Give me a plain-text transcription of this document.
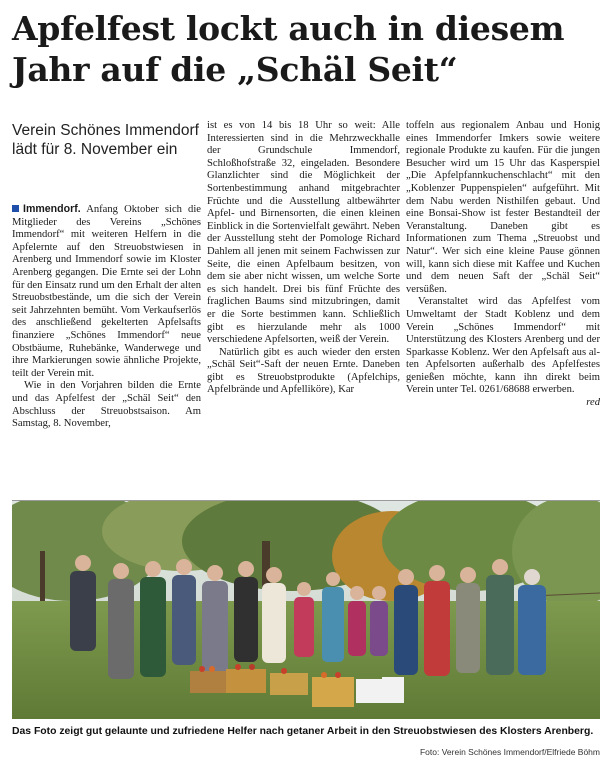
Apfelfest lockt auch in diesem
Jahr auf die „Schäl Seit“
Verein Schönes Immendorf lädt für 8. November ein

Immendorf. Anfang Oktober sich die Mitglieder des Vereins „Schönes Immendorf“ mit weiteren Helfern in die Apfelernte auf den Streuobstwiesen in Arenberg und Immendorf sowie im Kloster Arenberg gegangen. Die Ernte sei der Lohn für den Einsatz rund um den Erhalt der alten Streuobstbestände, um die sich der Verein seit Jahrzehnten bemüht. Vom Verkaufserlös des anschließend gekelterten Apfelsafts finanziere „Schönes Immendorf“ neue Obstbäume, Ruhebänke, Wanderwege und ihre Markierungen sowie ähnliche Projekte, teilt der Verein mit.

Wie in den Vorjahren bilden die Ernte und das Apfelfest der „Schäl Seit“ den Abschluss der Streuobstsaison. Am Samstag, 8. November,

ist es von 14 bis 18 Uhr so weit: Alle Interessierten sind in die Mehrzweckhalle der Grundschule Immendorf, Schloßhofstraße 32, eingeladen. Besondere Glanzlichter sind die Möglichkeit der Sortenbestimmung anhand mitgebrachter Früchte und die Ausstellung altbewährter Apfel- und Birnensorten, die einen kleinen Einblick in die Sortenvielfalt gewährt. Neben der Ausstellung steht der Pomologe Richard Dahlem all jenen mit seinem Fachwissen zur Seite, die einen Apfelbaum besitzen, von dem sie aber nicht wissen, um welche Sorte es sich handelt. Drei bis fünf Früchte des fraglichen Baums sind mitzubringen, damit er die Sorte bestimmen kann. Schließlich gibt es hierzulande mehr als 1000 verschiedene Apfelsorten, weiß der Verein.

Natürlich gibt es auch wieder den ersten „Schäl Seit“-Saft der neuen Ernte. Daneben gibt es Streuobstprodukte (Apfelchips, Apfelbrände und Apfelliköre), Kar

toffeln aus regionalem Anbau und Honig eines Immendorfer Imkers sowie weitere regionale Produkte zu kaufen. Für die jungen Besucher wird um 15 Uhr das Kasperspiel „Die Apfelpfannkuchenschlacht“ mit den „Koblenzer Puppenspielen“ aufgeführt. Mit dem Nabu werden Nisthilfen gebaut. Und eine Bonsai-Show ist fester Bestandteil der Veranstaltung. Daneben gibt es Informationen zum Thema „Streuobst und Natur“. Wer sich eine kleine Pause gönnen will, kann sich diese mit Kaffee und Kuchen und dem neuen Saft der „Schäl Seit“ versüßen.

Veranstaltet wird das Apfelfest vom Umweltamt der Stadt Koblenz und dem Verein „Schönes Immendorf“ mit Unterstützung des Klosters Arenberg und der Sparkasse Koblenz. Wer den Apfelsaft aus alten Apfelsorten außerhalb des Apfelfestes genießen möchte, kann ihn direkt beim Verein unter Tel. 0261/68688 erwerben.
red

Das Foto zeigt gut gelaunte und zufriedene Helfer nach getaner Arbeit in den Streuobstwiesen des Klosters Arenberg.
Foto: Verein Schönes Immendorf/Elfriede Böhm
